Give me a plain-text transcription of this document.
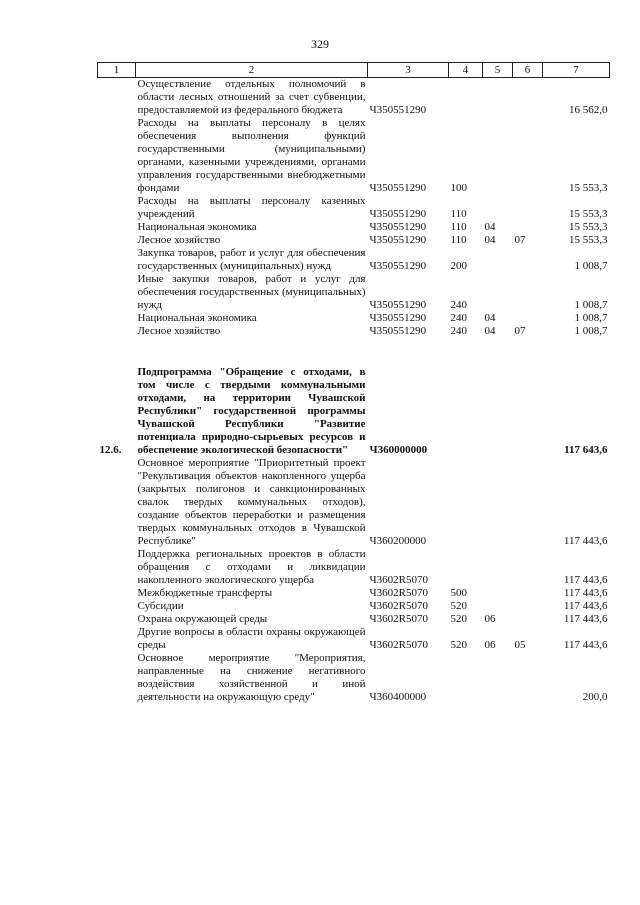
329
1	2	3	4	5	6	7
	Осуществление отдельных полномочий в области лесных отношений за счет субвенции, предоставляемой из федерального бюджета	Ч350551290				16 562,0
	Расходы на выплаты персоналу в целях обеспечения выполнения функций государственными (муниципальными) органами, казенными учреждениями, органами управления государственными внебюджетными фондами	Ч350551290	100			15 553,3
	Расходы на выплаты персоналу казенных учреждений	Ч350551290	110			15 553,3
	Национальная экономика	Ч350551290	110	04		15 553,3
	Лесное хозяйство	Ч350551290	110	04	07	15 553,3
	Закупка товаров, работ и услуг для обеспечения государственных (муниципальных) нужд	Ч350551290	200			1 008,7
	Иные закупки товаров, работ и услуг для обеспечения государственных (муниципальных) нужд	Ч350551290	240			1 008,7
	Национальная экономика	Ч350551290	240	04		1 008,7
	Лесное хозяйство	Ч350551290	240	04	07	1 008,7

12.6.	Подпрограмма "Обращение с отходами, в том числе с твердыми коммунальными отходами, на территории Чувашской Республики" государственной программы Чувашской Республики "Развитие потенциала природно-сырьевых ресурсов и обеспечение экологической безопасности"	Ч360000000				117 643,6
	Основное мероприятие "Приоритетный проект "Рекультивация объектов накопленного ущерба (закрытых полигонов и санкционированных свалок твердых коммунальных отходов), создание объектов переработки и размещения твердых коммунальных отходов в Чувашской Республике"	Ч360200000				117 443,6
	Поддержка региональных проектов в области обращения с отходами и ликвидации накопленного экологического ущерба	Ч3602R5070				117 443,6
	Межбюджетные трансферты	Ч3602R5070	500			117 443,6
	Субсидии	Ч3602R5070	520			117 443,6
	Охрана окружающей среды	Ч3602R5070	520	06		117 443,6
	Другие вопросы в области охраны окружающей среды	Ч3602R5070	520	06	05	117 443,6
	Основное мероприятие "Мероприятия, направленные на снижение негативного воздействия хозяйственной и иной деятельности на окружающую среду"	Ч360400000				200,0
